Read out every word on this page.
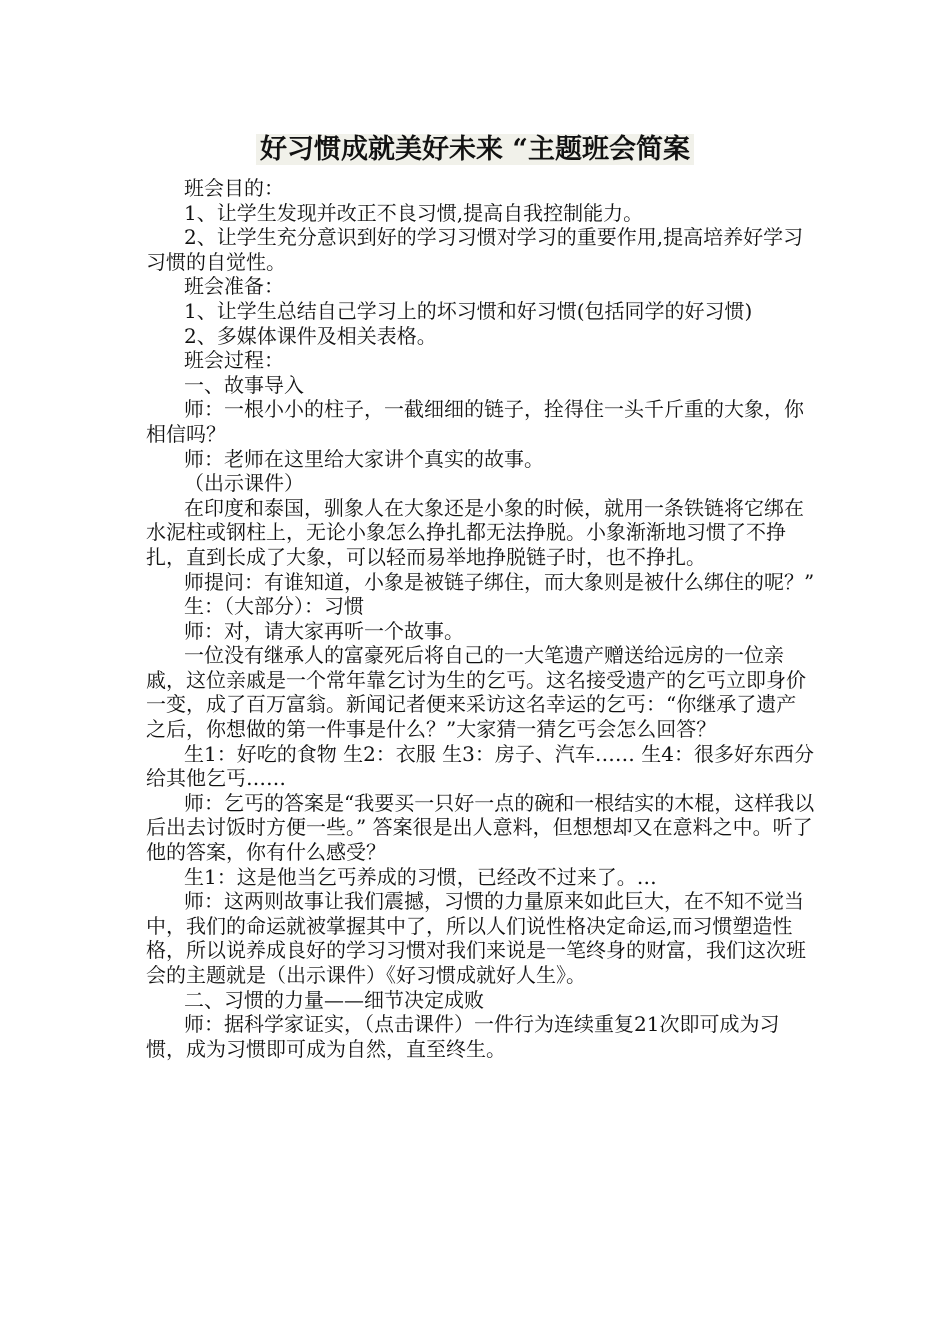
好习惯成就美好未来 “主题班会简案

班会目的：

1、让学生发现并改正不良习惯,提高自我控制能力。

2、让学生充分意识到好的学习习惯对学习的重要作用,提高培养好学习习惯的自觉性。

班会准备：

1、让学生总结自己学习上的坏习惯和好习惯(包括同学的好习惯)

2、多媒体课件及相关表格。

班会过程：

一、故事导入

师：一根小小的柱子，一截细细的链子，拴得住一头千斤重的大象，你相信吗？

师：老师在这里给大家讲个真实的故事。

（出示课件）

在印度和泰国，驯象人在大象还是小象的时候，就用一条铁链将它绑在水泥柱或钢柱上，无论小象怎么挣扎都无法挣脱。小象渐渐地习惯了不挣扎，直到长成了大象，可以轻而易举地挣脱链子时，也不挣扎。

师提问：有谁知道，小象是被链子绑住，而大象则是被什么绑住的呢？”

生：（大部分）：习惯

师：对，请大家再听一个故事。

一位没有继承人的富豪死后将自己的一大笔遗产赠送给远房的一位亲戚，这位亲戚是一个常年靠乞讨为生的乞丐。这名接受遗产的乞丐立即身价一变，成了百万富翁。新闻记者便来采访这名幸运的乞丐：“你继承了遗产之后，你想做的第一件事是什么？”大家猜一猜乞丐会怎么回答？

生1：好吃的食物 生2：衣服 生3：房子、汽车…… 生4：很多好东西分给其他乞丐……

师：乞丐的答案是“我要买一只好一点的碗和一根结实的木棍，这样我以后出去讨饭时方便一些。” 答案很是出人意料，但想想却又在意料之中。听了他的答案，你有什么感受？

生1：这是他当乞丐养成的习惯，已经改不过来了。…

师：这两则故事让我们震撼，习惯的力量原来如此巨大，在不知不觉当中，我们的命运就被掌握其中了，所以人们说性格决定命运,而习惯塑造性格，所以说养成良好的学习习惯对我们来说是一笔终身的财富，我们这次班会的主题就是（出示课件）《好习惯成就好人生》。

二、习惯的力量——细节决定成败

师：据科学家证实，（点击课件）一件行为连续重复21次即可成为习惯，成为习惯即可成为自然，直至终生。
